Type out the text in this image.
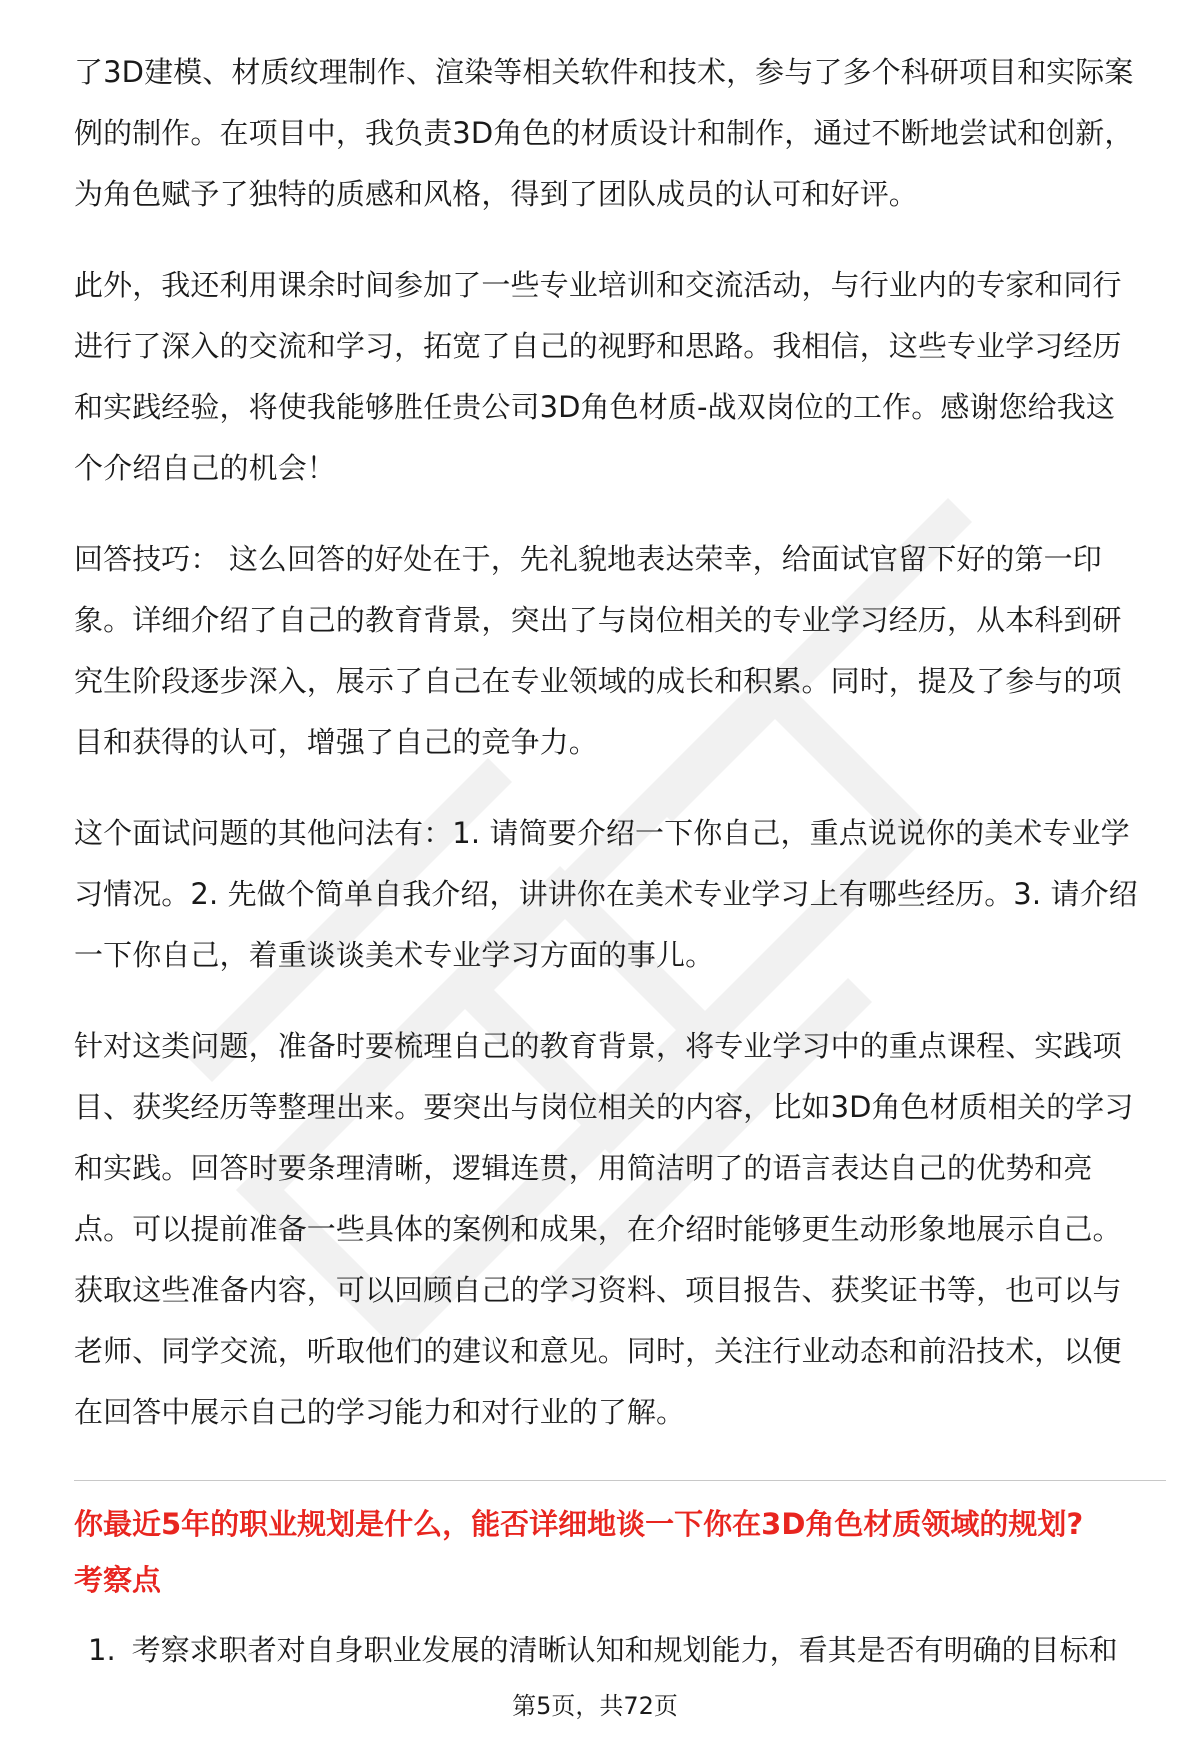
了3D建模、材质纹理制作、渲染等相关软件和技术，参与了多个科研项目和实际案
例的制作。在项目中，我负责3D角色的材质设计和制作，通过不断地尝试和创新，
为角色赋予了独特的质感和风格，得到了团队成员的认可和好评。

此外，我还利用课余时间参加了一些专业培训和交流活动，与行业内的专家和同行
进行了深入的交流和学习，拓宽了自己的视野和思路。我相信，这些专业学习经历
和实践经验，将使我能够胜任贵公司3D角色材质-战双岗位的工作。感谢您给我这
个介绍自己的机会！

回答技巧： 这么回答的好处在于，先礼貌地表达荣幸，给面试官留下好的第一印
象。详细介绍了自己的教育背景，突出了与岗位相关的专业学习经历，从本科到研
究生阶段逐步深入，展示了自己在专业领域的成长和积累。同时，提及了参与的项
目和获得的认可，增强了自己的竞争力。

这个面试问题的其他问法有：1. 请简要介绍一下你自己，重点说说你的美术专业学
习情况。2. 先做个简单自我介绍，讲讲你在美术专业学习上有哪些经历。3. 请介绍
一下你自己，着重谈谈美术专业学习方面的事儿。

针对这类问题，准备时要梳理自己的教育背景，将专业学习中的重点课程、实践项
目、获奖经历等整理出来。要突出与岗位相关的内容，比如3D角色材质相关的学习
和实践。回答时要条理清晰，逻辑连贯，用简洁明了的语言表达自己的优势和亮
点。可以提前准备一些具体的案例和成果，在介绍时能够更生动形象地展示自己。
获取这些准备内容，可以回顾自己的学习资料、项目报告、获奖证书等，也可以与
老师、同学交流，听取他们的建议和意见。同时，关注行业动态和前沿技术，以便
在回答中展示自己的学习能力和对行业的了解。

你最近5年的职业规划是什么，能否详细地谈一下你在3D角色材质领域的规划?
考察点
1. 考察求职者对自身职业发展的清晰认知和规划能力，看其是否有明确的目标和
第5页，共72页
